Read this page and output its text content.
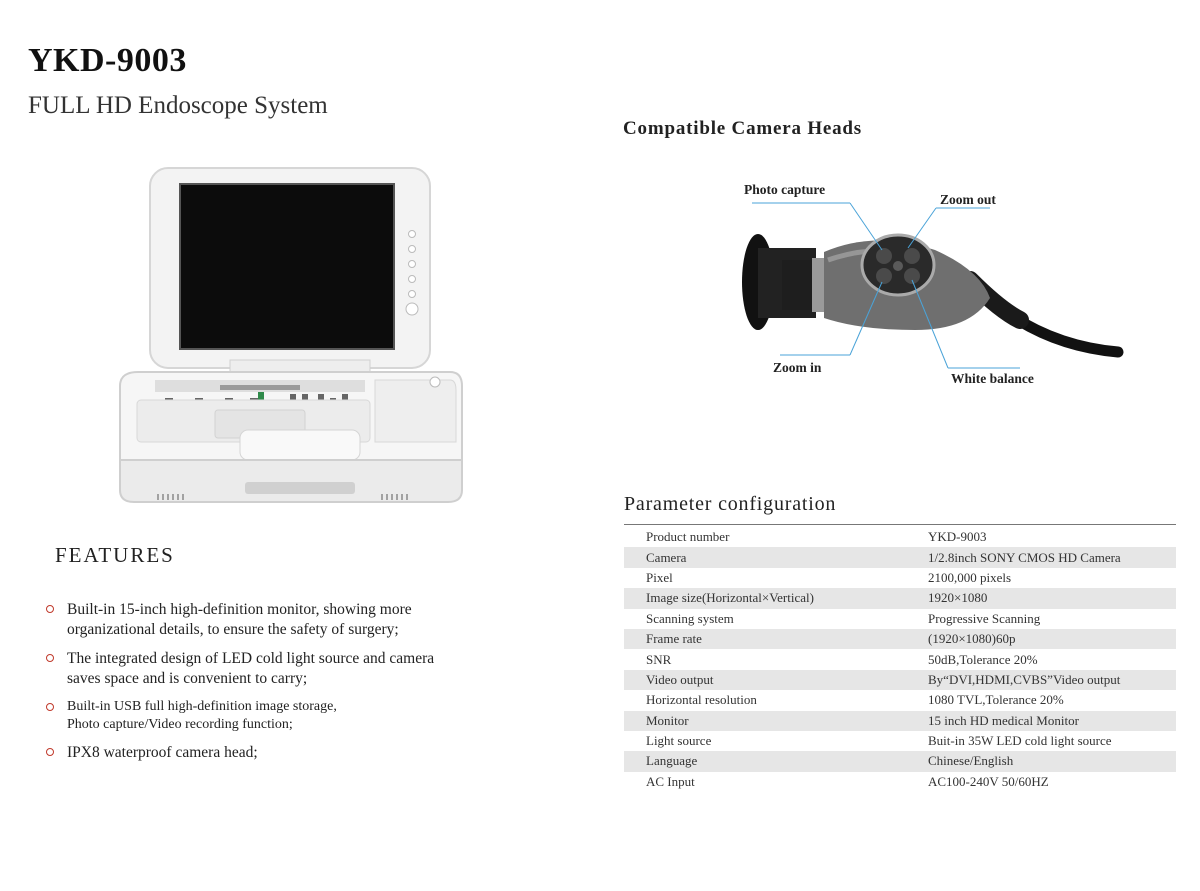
YKD-9003
FULL HD Endoscope System
FEATURES
Built-in 15-inch high-definition monitor, showing more
organizational details, to ensure the safety of surgery;
The integrated design of LED cold light source and camera
saves space and is convenient to carry;
Built-in USB full high-definition image storage,
Photo capture/Video recording function;
IPX8 waterproof camera head;
Compatible Camera Heads
Photo capture
Zoom out
Zoom in
White balance
Parameter configuration
Product number	YKD-9003
Camera	1/2.8inch SONY CMOS HD Camera
Pixel	2100,000 pixels
Image size(Horizontal×Vertical)	1920×1080
Scanning system	Progressive Scanning
Frame rate	(1920×1080)60p
SNR	50dB,Tolerance 20%
Video output	By“DVI,HDMI,CVBS”Video output
Horizontal resolution	1080 TVL,Tolerance 20%
Monitor	15 inch HD medical Monitor
Light source	Buit-in 35W LED cold light source
Language	Chinese/English
AC Input	AC100-240V 50/60HZ
